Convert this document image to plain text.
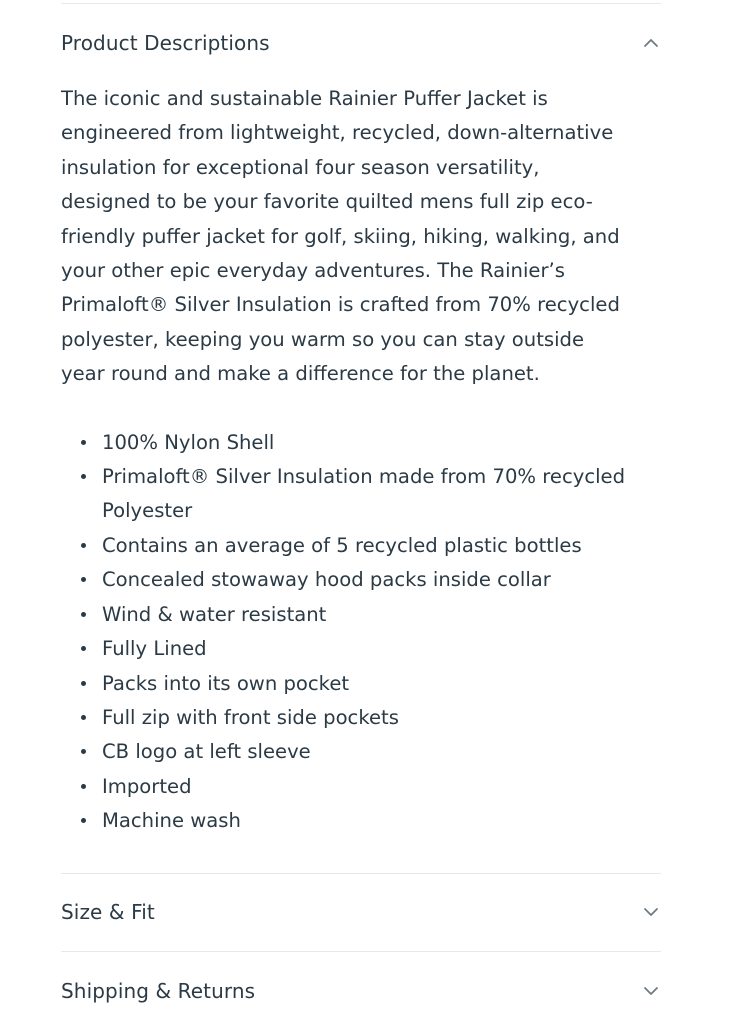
Product Descriptions
The iconic and sustainable Rainier Puffer Jacket is
engineered from lightweight, recycled, down-alternative
insulation for exceptional four season versatility,
designed to be your favorite quilted mens full zip eco-
friendly puffer jacket for golf, skiing, hiking, walking, and
your other epic everyday adventures. The Rainier’s
Primaloft® Silver Insulation is crafted from 70% recycled
polyester, keeping you warm so you can stay outside
year round and make a difference for the planet.
100% Nylon Shell
Primaloft® Silver Insulation made from 70% recycled
Polyester
Contains an average of 5 recycled plastic bottles
Concealed stowaway hood packs inside collar
Wind & water resistant
Fully Lined
Packs into its own pocket
Full zip with front side pockets
CB logo at left sleeve
Imported
Machine wash
Size & Fit
Shipping & Returns
